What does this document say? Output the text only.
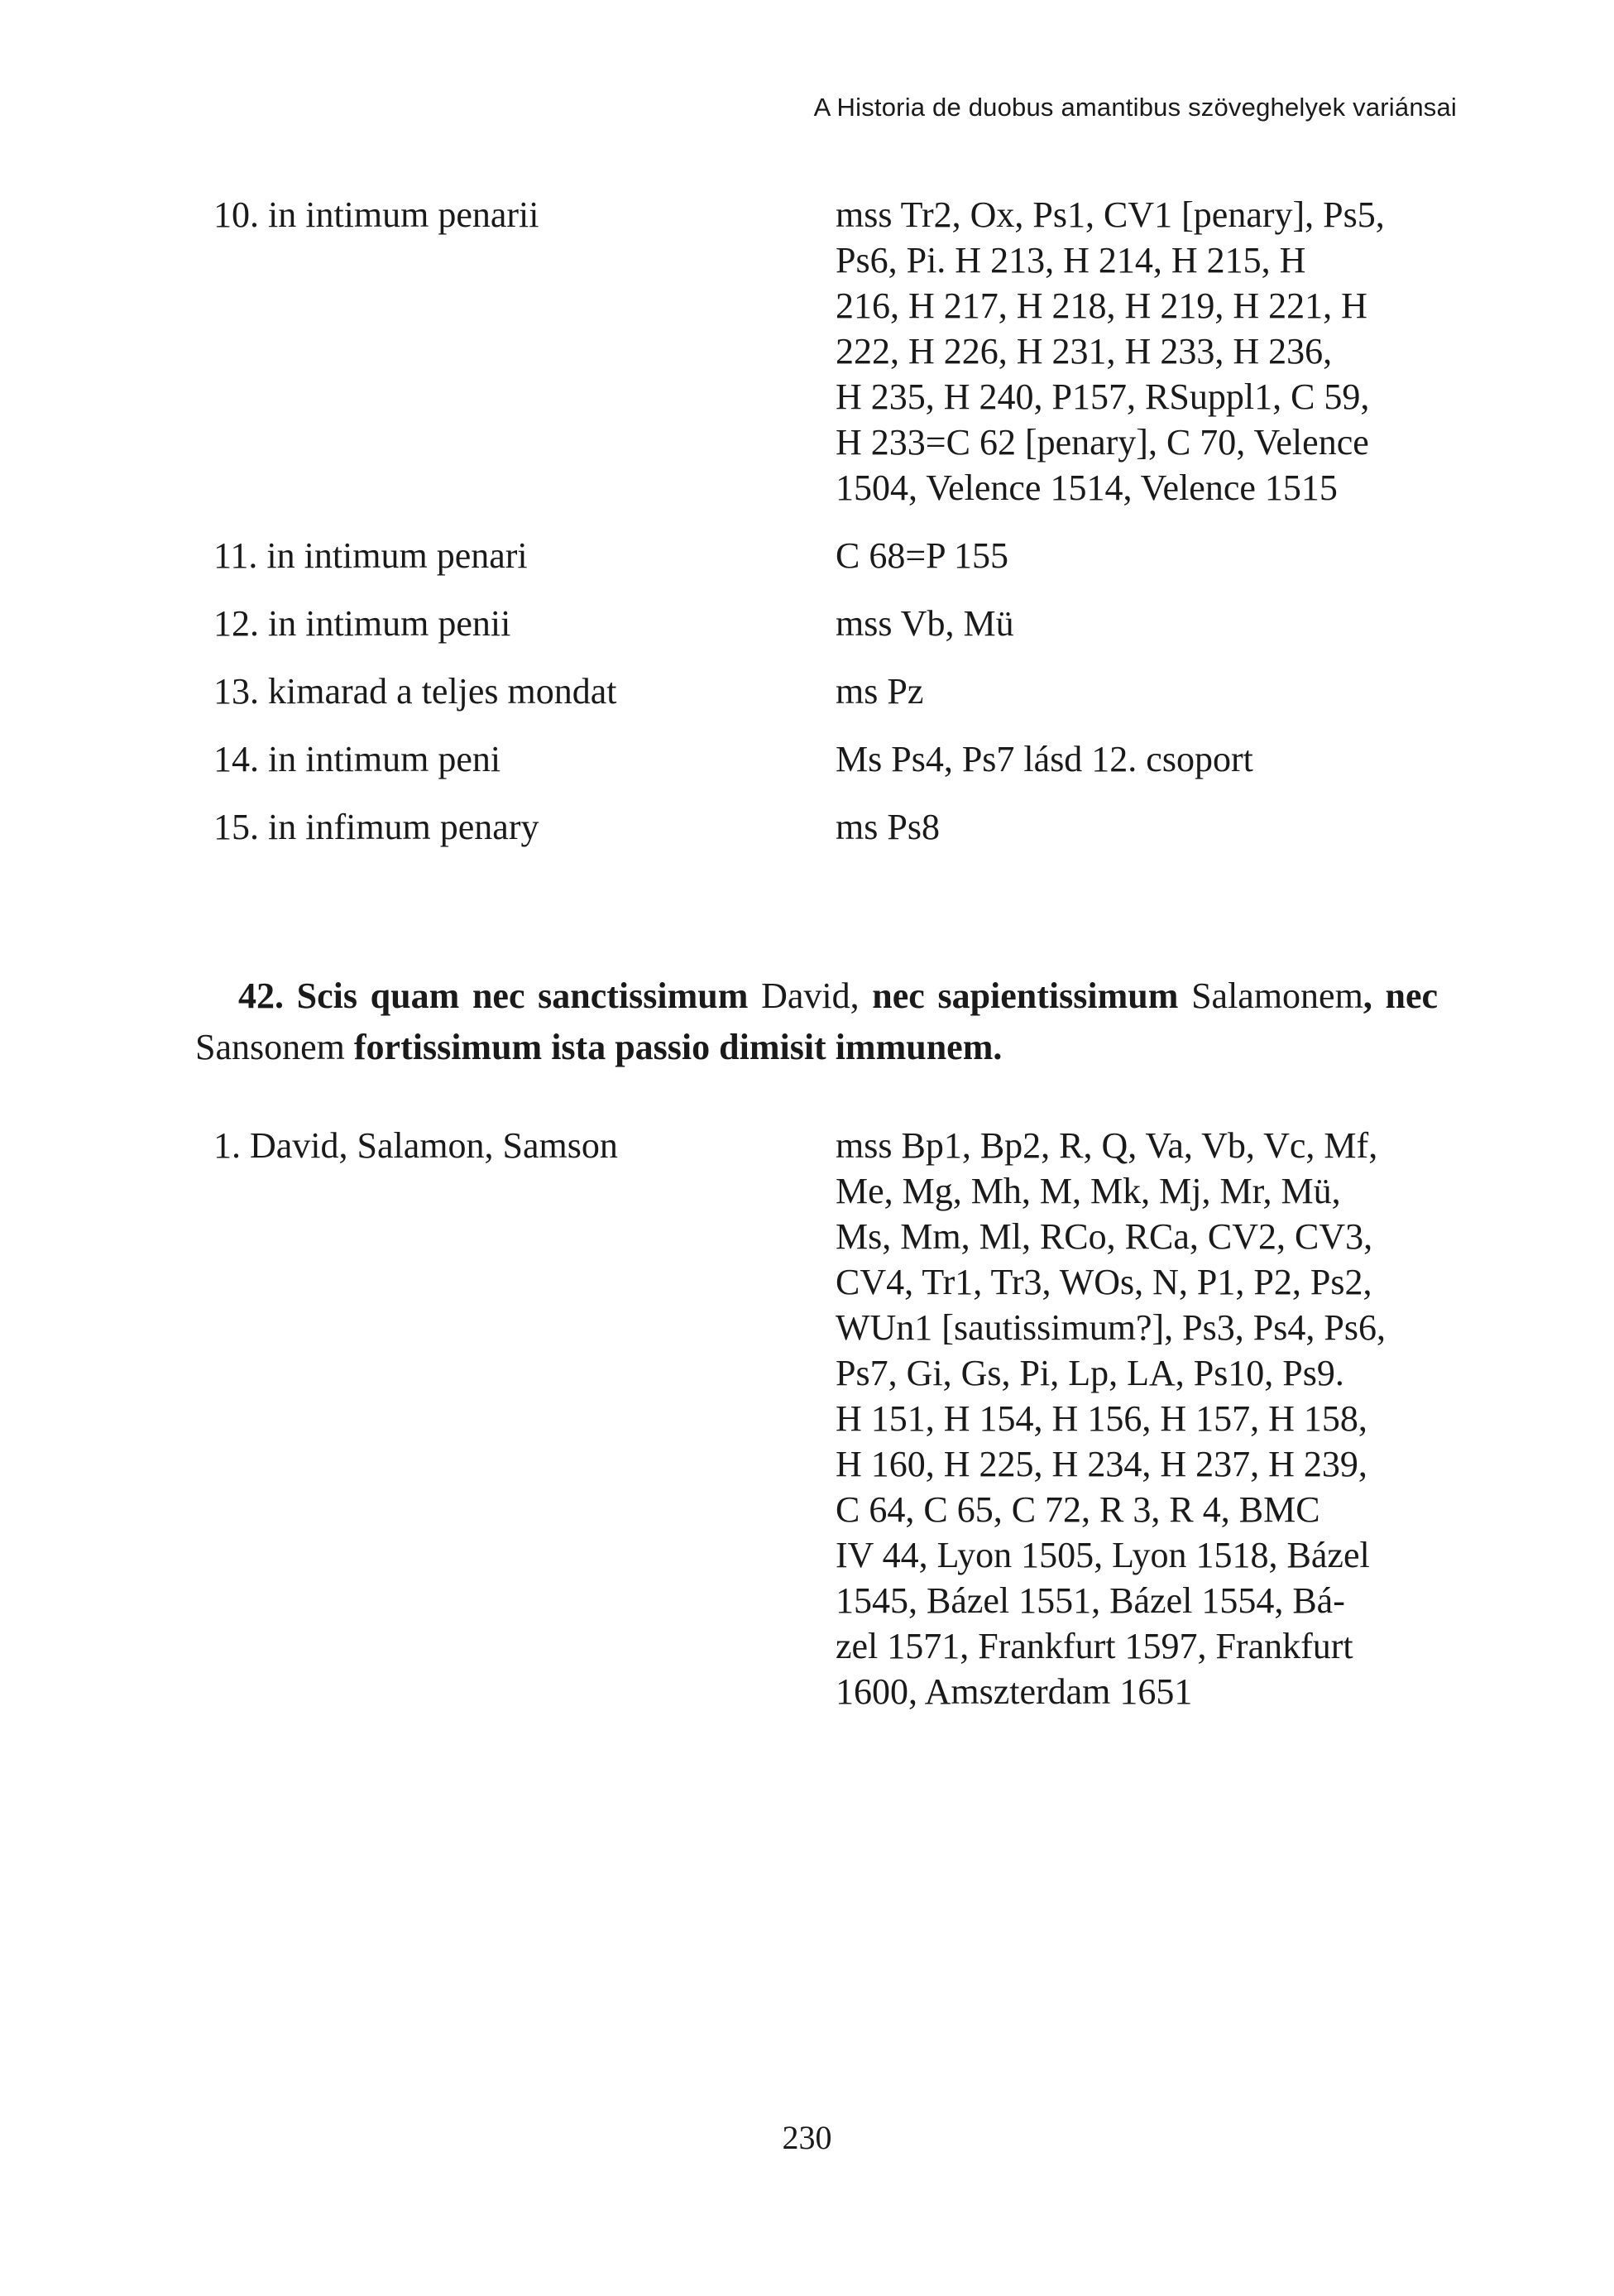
A Historia de duobus amantibus szöveghelyek variánsai
10. in intimum penarii	mss Tr2, Ox, Ps1, CV1 [penary], Ps5,
Ps6, Pi. H 213, H 214, H 215, H
216, H 217, H 218, H 219, H 221, H
222, H 226, H 231, H 233, H 236,
H 235, H 240, P157, RSuppl1, C 59,
H 233=C 62 [penary], C 70, Velence
1504, Velence 1514, Velence 1515
11. in intimum penari	C 68=P 155
12. in intimum penii	mss Vb, Mü
13. kimarad a teljes mondat	ms Pz
14. in intimum peni	Ms Ps4, Ps7 lásd 12. csoport
15. in infimum penary	ms Ps8
42. Scis quam nec sanctissimum David, nec sapientissimum Salamonem, nec
Sansonem fortissimum ista passio dimisit immunem.
1. David, Salamon, Samson	mss Bp1, Bp2, R, Q, Va, Vb, Vc, Mf,
Me, Mg, Mh, M, Mk, Mj, Mr, Mü,
Ms, Mm, Ml, RCo, RCa, CV2, CV3,
CV4, Tr1, Tr3, WOs, N, P1, P2, Ps2,
WUn1 [sautissimum?], Ps3, Ps4, Ps6,
Ps7, Gi, Gs, Pi, Lp, LA, Ps10, Ps9.
H 151, H 154, H 156, H 157, H 158,
H 160, H 225, H 234, H 237, H 239,
C 64, C 65, C 72, R 3, R 4, BMC
IV 44, Lyon 1505, Lyon 1518, Bázel
1545, Bázel 1551, Bázel 1554, Bá-
zel 1571, Frankfurt 1597, Frankfurt
1600, Amszterdam 1651
230
